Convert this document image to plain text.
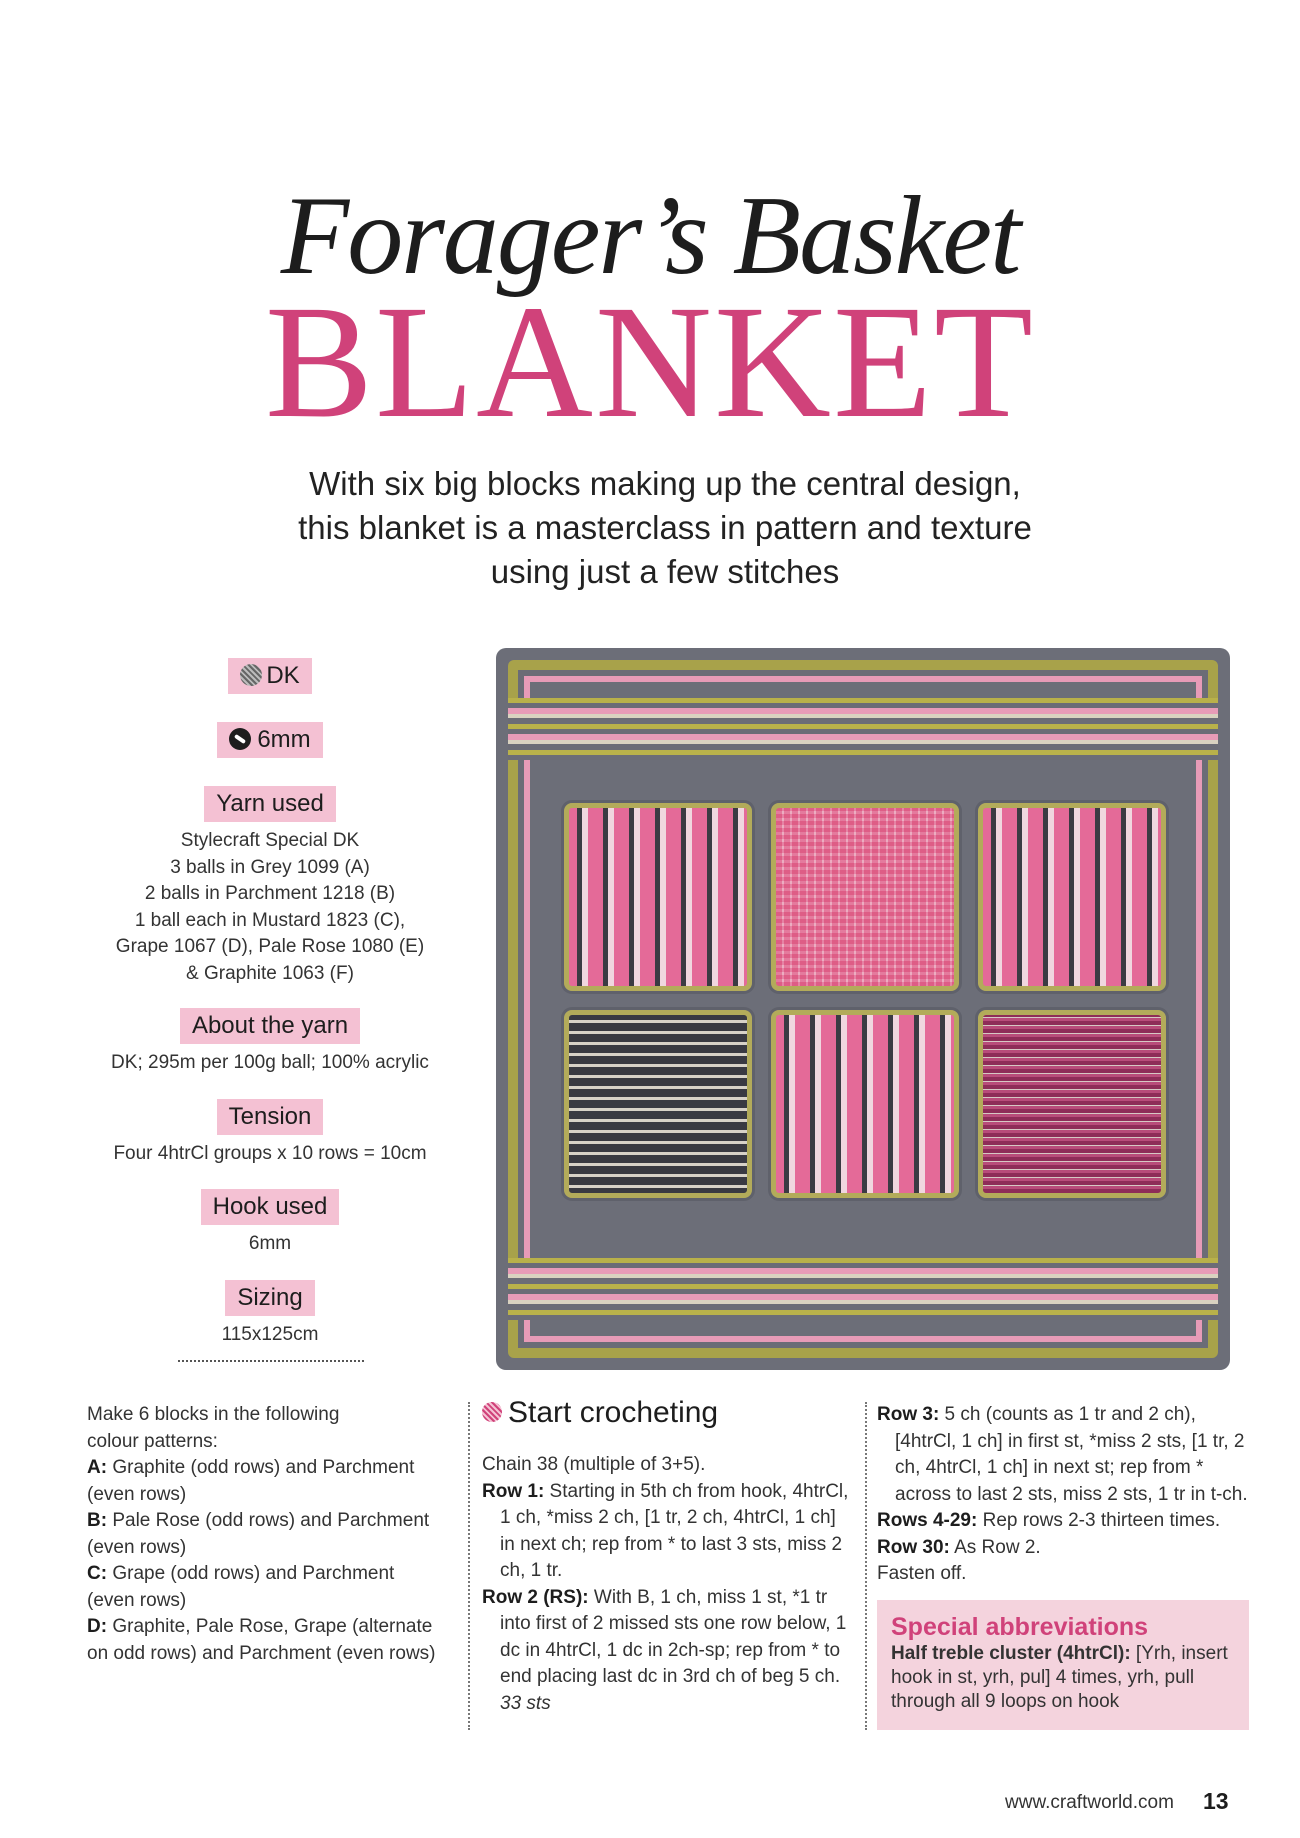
Forager’s Basket
BLANKET
With six big blocks making up the central design,
this blanket is a masterclass in pattern and texture
using just a few stitches
DK
6mm
Yarn used
Stylecraft Special DK
3 balls in Grey 1099 (A)
2 balls in Parchment 1218 (B)
1 ball each in Mustard 1823 (C),
Grape 1067 (D), Pale Rose 1080 (E)
& Graphite 1063 (F)
About the yarn
DK; 295m per 100g ball; 100% acrylic
Tension
Four 4htrCl groups x 10 rows = 10cm
Hook used
6mm
Sizing
115x125cm
Make 6 blocks in the following
colour patterns:
A: Graphite (odd rows) and Parchment (even rows)
B: Pale Rose (odd rows) and Parchment (even rows)
C: Grape (odd rows) and Parchment (even rows)
D: Graphite, Pale Rose, Grape (alternate on odd rows) and Parchment (even rows)
Start crocheting
Chain 38 (multiple of 3+5).
Row 1: Starting in 5th ch from hook, 4htrCl, 1 ch, *miss 2 ch, [1 tr, 2 ch, 4htrCl, 1 ch] in next ch; rep from * to last 3 sts, miss 2 ch, 1 tr.
Row 2 (RS): With B, 1 ch, miss 1 st, *1 tr into first of 2 missed sts one row below, 1 dc in 4htrCl, 1 dc in 2ch-sp; rep from * to end placing last dc in 3rd ch of beg 5 ch. 33 sts
Row 3: 5 ch (counts as 1 tr and 2 ch), [4htrCl, 1 ch] in first st, *miss 2 sts, [1 tr, 2 ch, 4htrCl, 1 ch] in next st; rep from * across to last 2 sts, miss 2 sts, 1 tr in t-ch.
Rows 4-29: Rep rows 2-3 thirteen times.
Row 30: As Row 2.
Fasten off.
Special abbreviations
Half treble cluster (4htrCl): [Yrh, insert hook in st, yrh, pul] 4 times, yrh, pull through all 9 loops on hook
www.craftworld.com 13
